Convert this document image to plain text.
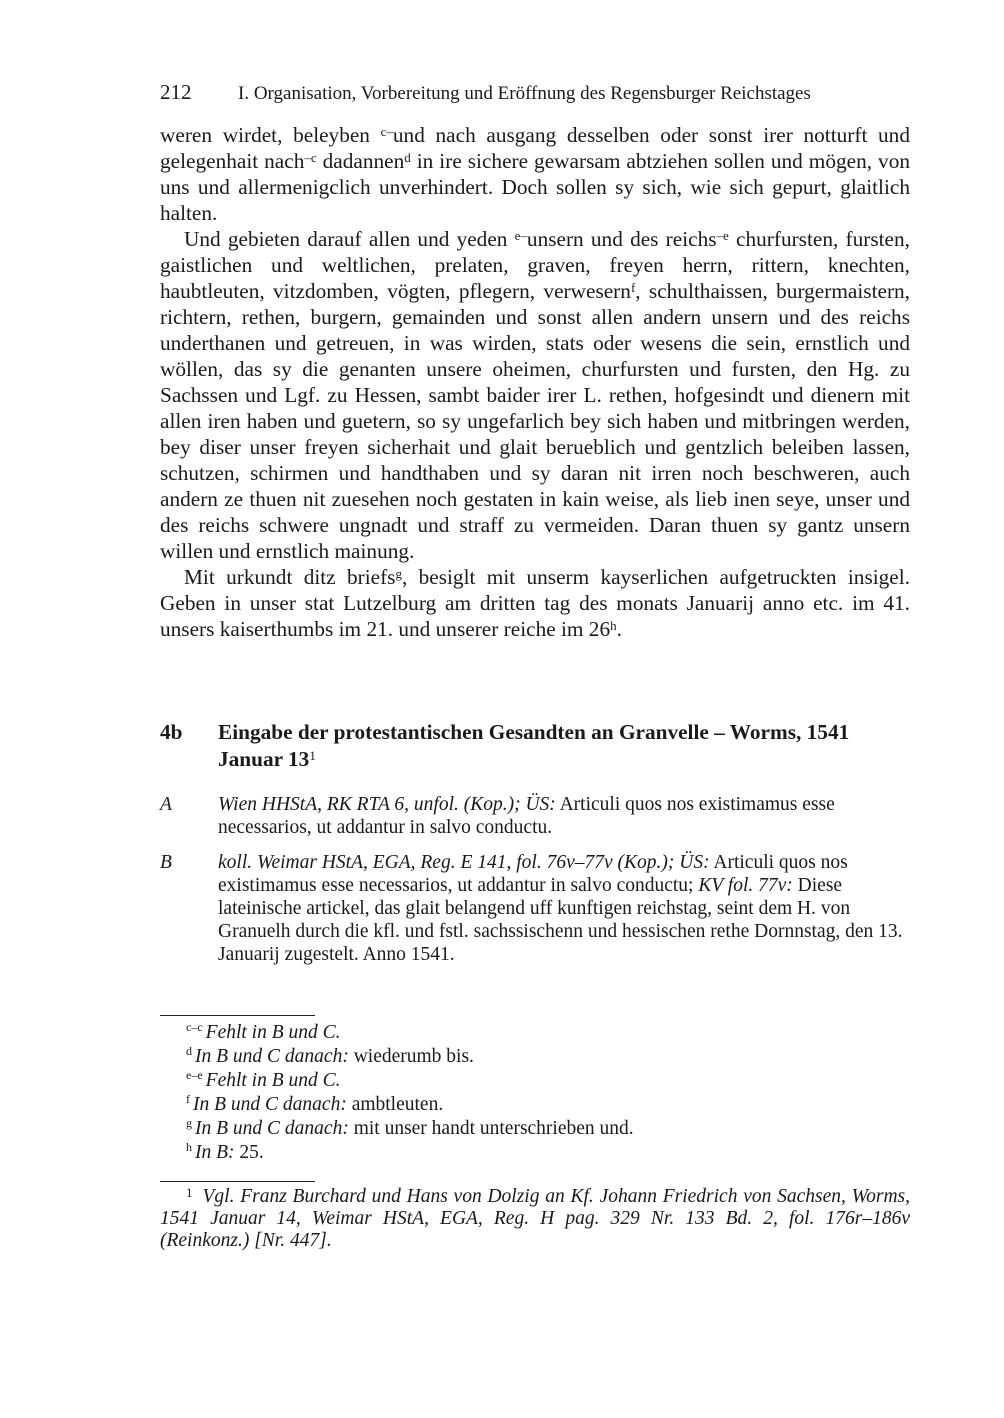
212 I. Organisation, Vorbereitung und Eröffnung des Regensburger Reichstages

weren wirdet, beleyben $^{c-}$und nach ausgang desselben oder sonst irer notturft und gelegenhait nach$^{-c}$ dadannen$^d$ in ire sichere gewarsam abtziehen sollen und mögen, von uns und allermenigclich unverhindert. Doch sollen sy sich, wie sich gepurt, glaitlich halten.

Und gebieten darauf allen und yeden $^{e-}$unsern und des reichs$^{-e}$ churfursten, fursten, gaistlichen und weltlichen, prelaten, graven, freyen herrn, rittern, knechten, haubtleuten, vitzdomben, vögten, pflegern, verwesern$^f$, schulthaissen, burgermaistern, richtern, rethen, burgern, gemainden und sonst allen andern unsern und des reichs underthanen und getreuen, in was wirden, stats oder wesens die sein, ernstlich und wöllen, das sy die genanten unsere oheimen, churfursten und fursten, den Hg. zu Sachssen und Lgf. zu Hessen, sambt baider irer L. rethen, hofgesindt und dienern mit allen iren haben und guetern, so sy ungefarlich bey sich haben und mitbringen werden, bey diser unser freyen sicherhait und glait berueblich und gentzlich beleiben lassen, schutzen, schirmen und handthaben und sy daran nit irren noch beschweren, auch andern ze thuen nit zuesehen noch gestaten in kain weise, als lieb inen seye, unser und des reichs schwere ungnadt und straff zu vermeiden. Daran thuen sy gantz unsern willen und ernstlich mainung.

Mit urkundt ditz briefs$^g$, besiglt mit unserm kayserlichen aufgetruckten insigel. Geben in unser stat Lutzelburg am dritten tag des monats Januarij anno etc. im 41. unsers kaiserthumbs im 21. und unserer reiche im 26$^h$.

4b Eingabe der protestantischen Gesandten an Granvelle – Worms, 1541 Januar $13^1$
A Wien HHStA, RK RTA 6, unfol. (Kop.); ÜS: Articuli quos nos existimamus esse necessarios, ut addantur in salvo conductu.
B koll. Weimar HStA, EGA, Reg. E 141, fol. 76v–77v (Kop.); ÜS: Articuli quos nos existimamus esse necessarios, ut addantur in salvo conductu; KV fol. 77v: Diese lateinische artickel, das glait belangend uff kunftigen reichstag, seint dem H. von Granuelh durch die kfl. und fstl. sachssischenn und hessischen rethe Dornnstag, den 13. Januarij zugestelt. Anno 1541.
$^{c-c}$ Fehlt in B und C.
$^d$ In B und C danach: wiederumb bis.
$^{e-e}$ Fehlt in B und C.
$^f$ In B und C danach: ambtleuten.
$^g$ In B und C danach: mit unser handt unterschrieben und.
$^h$ In B: 25.
$^1$ Vgl. Franz Burchard und Hans von Dolzig an Kf. Johann Friedrich von Sachsen, Worms, 1541 Januar 14, Weimar HStA, EGA, Reg. H pag. 329 Nr. 133 Bd. 2, fol. 176r–186v (Reinkonz.) [Nr. 447].
